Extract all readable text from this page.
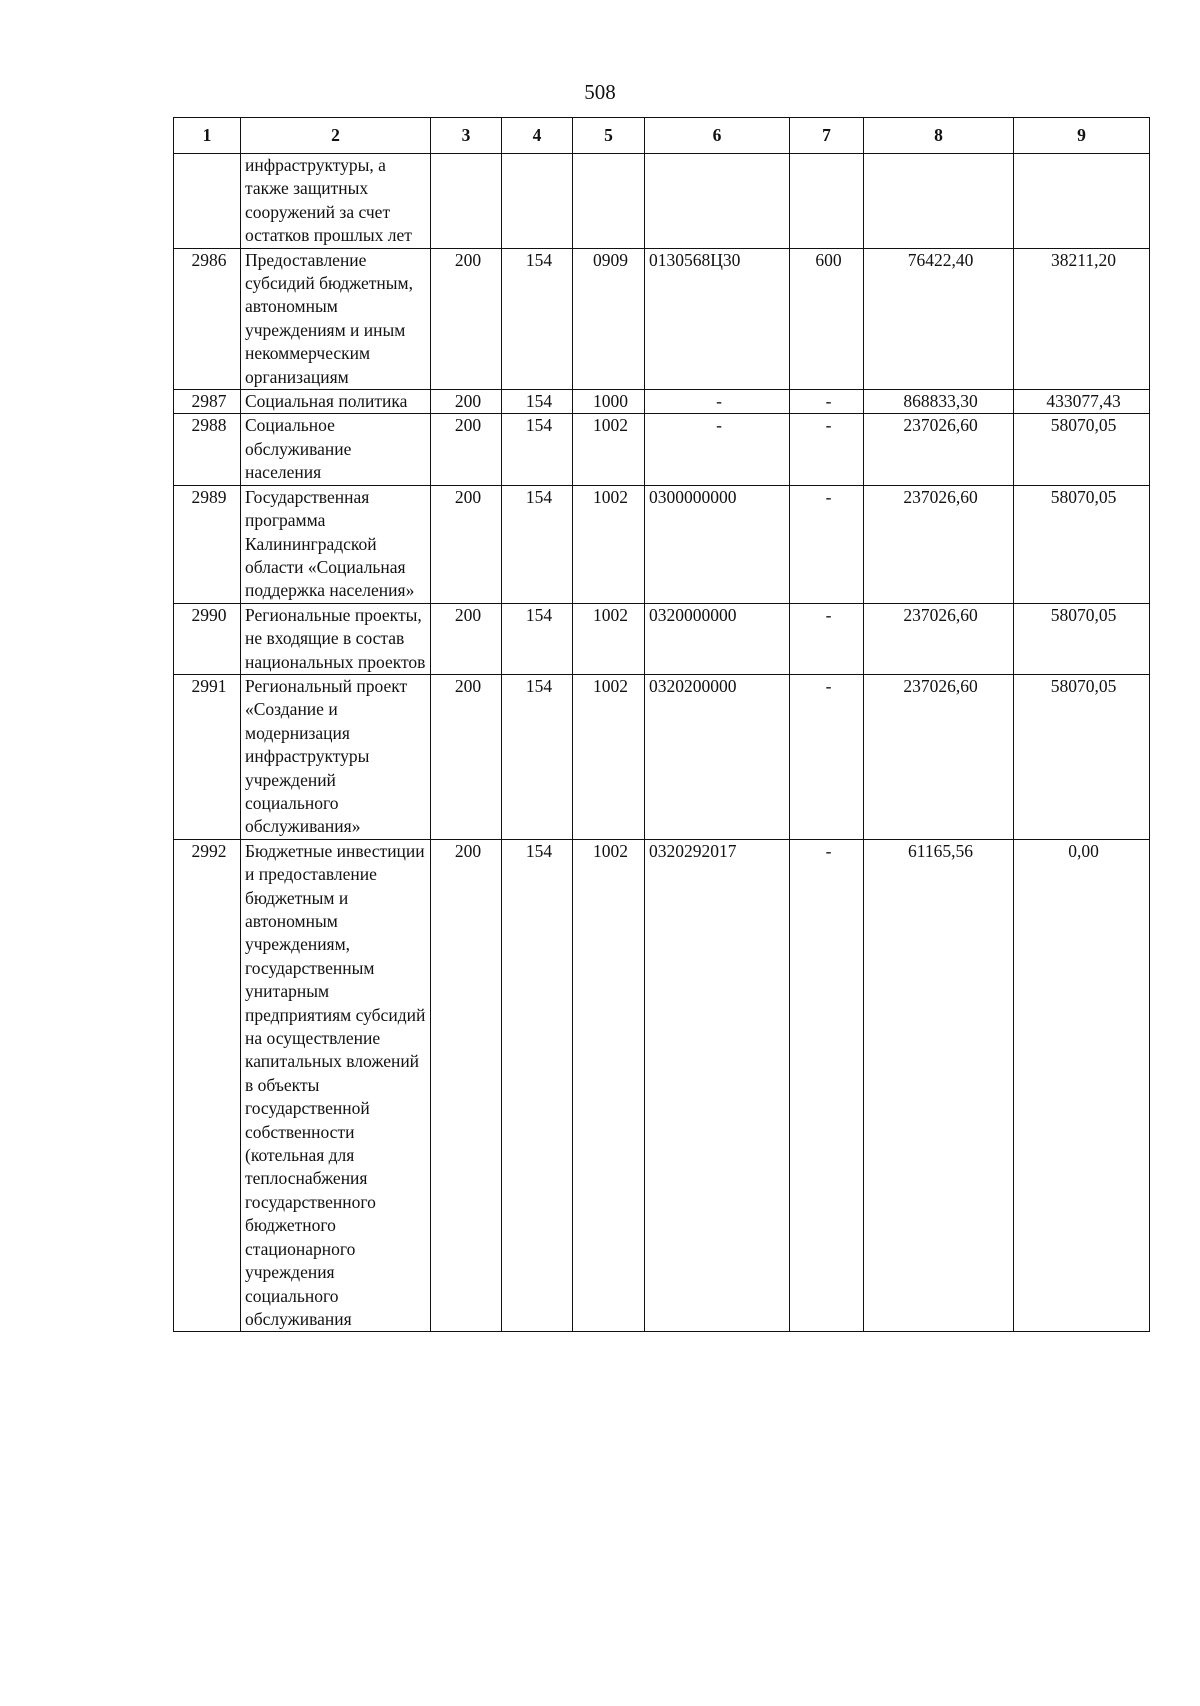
508
1	2	3	4	5	6	7	8	9
	инфраструктуры, а также защитных сооружений за счет остатков прошлых лет							
2986	Предоставление субсидий бюджетным, автономным учреждениям и иным некоммерческим организациям	200	154	0909	0130568Ц30	600	76422,40	38211,20
2987	Социальная политика	200	154	1000	-	-	868833,30	433077,43
2988	Социальное обслуживание населения	200	154	1002	-	-	237026,60	58070,05
2989	Государственная программа Калининградской области «Социальная поддержка населения»	200	154	1002	0300000000	-	237026,60	58070,05
2990	Региональные проекты, не входящие в состав национальных проектов	200	154	1002	0320000000	-	237026,60	58070,05
2991	Региональный проект «Создание и модернизация инфраструктуры учреждений социального обслуживания»	200	154	1002	0320200000	-	237026,60	58070,05
2992	Бюджетные инвестиции и предоставление бюджетным и автономным учреждениям, государственным унитарным предприятиям субсидий на осуществление капитальных вложений в объекты государственной собственности (котельная для теплоснабжения государственного бюджетного стационарного учреждения социального обслуживания	200	154	1002	0320292017	-	61165,56	0,00
